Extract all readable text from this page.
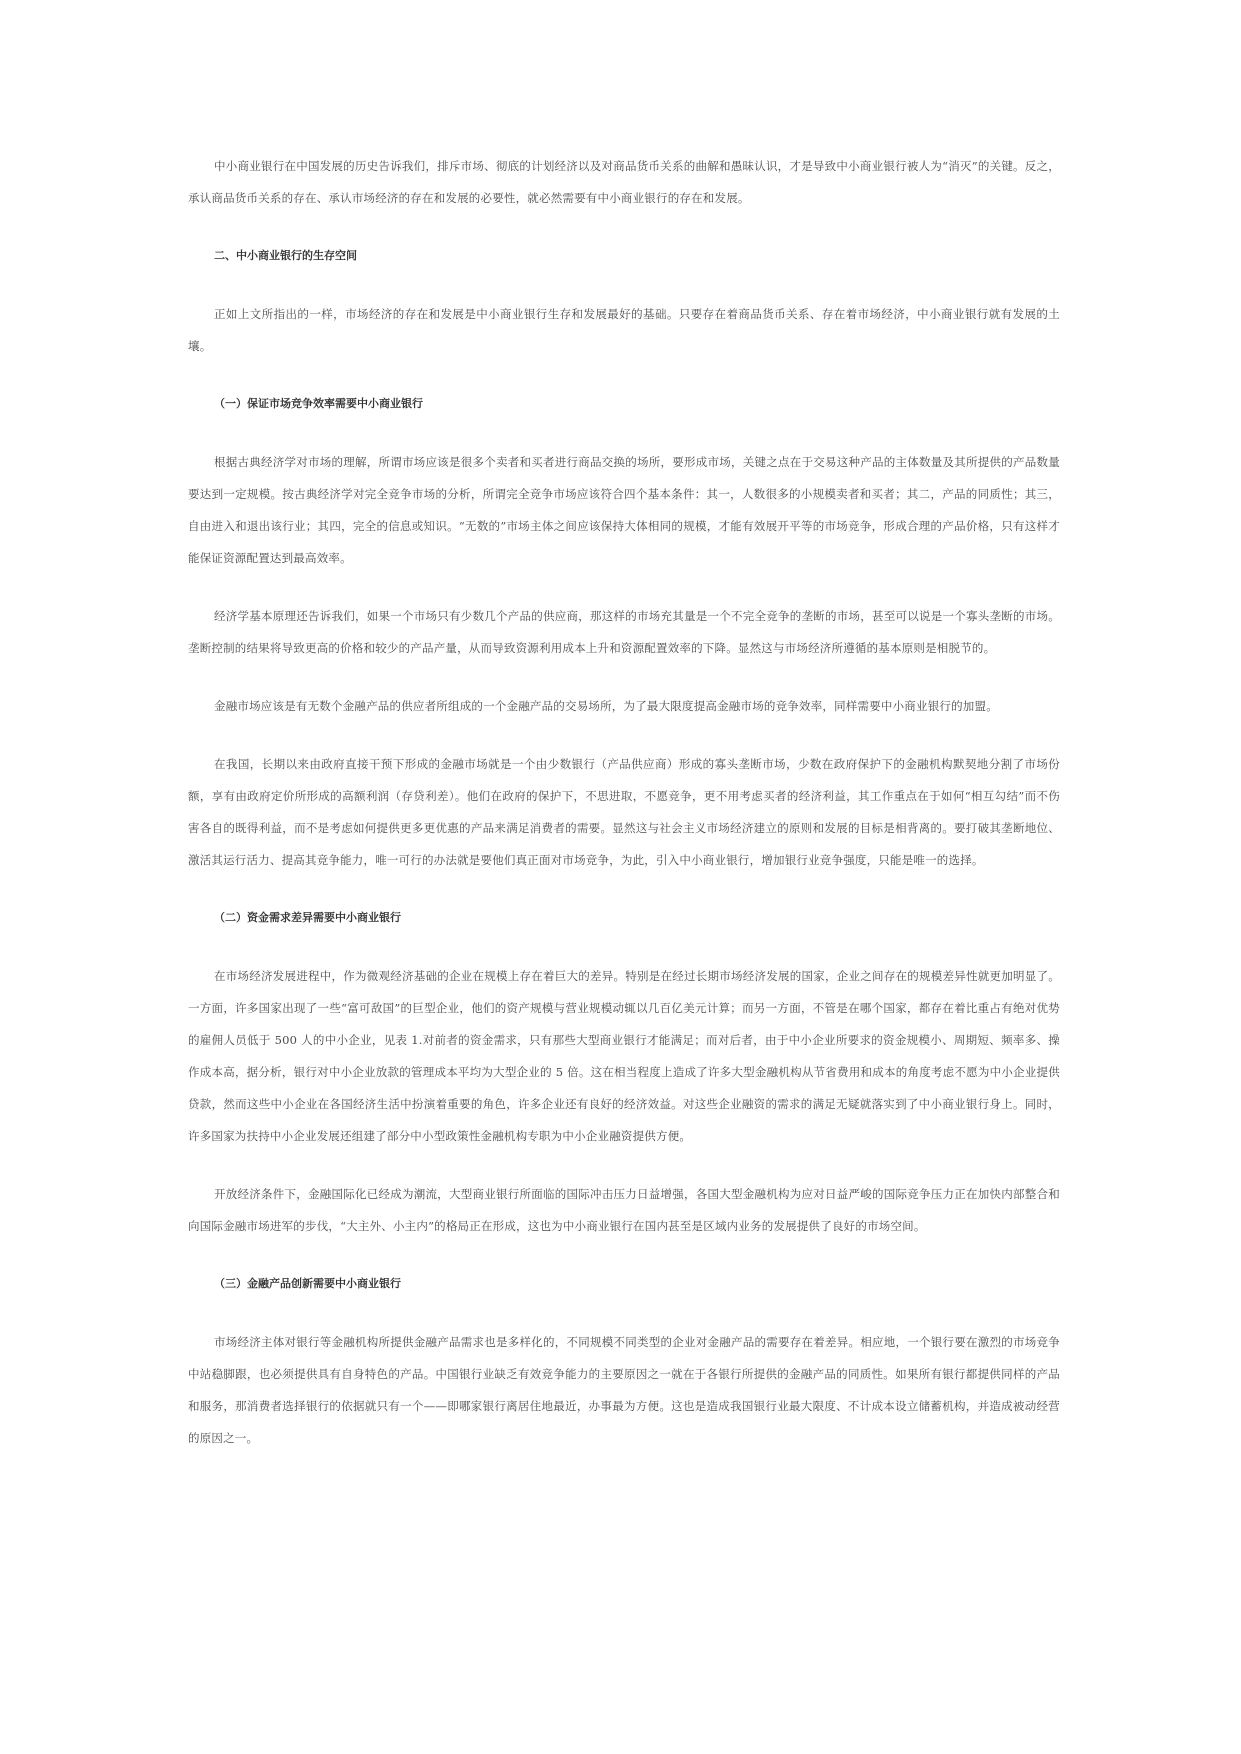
中小商业银行在中国发展的历史告诉我们，排斥市场、彻底的计划经济以及对商品货币关系的曲解和愚昧认识，才是导致中小商业银行被人为“消灭”的关键。反之，承认商品货币关系的存在、承认市场经济的存在和发展的必要性，就必然需要有中小商业银行的存在和发展。

二、中小商业银行的生存空间

正如上文所指出的一样，市场经济的存在和发展是中小商业银行生存和发展最好的基础。只要存在着商品货币关系、存在着市场经济，中小商业银行就有发展的土壤。

（一）保证市场竞争效率需要中小商业银行

根据古典经济学对市场的理解，所谓市场应该是很多个卖者和买者进行商品交换的场所，要形成市场，关键之点在于交易这种产品的主体数量及其所提供的产品数量要达到一定规模。按古典经济学对完全竞争市场的分析，所谓完全竞争市场应该符合四个基本条件：其一，人数很多的小规模卖者和买者；其二，产品的同质性；其三，自由进入和退出该行业；其四，完全的信息或知识。“无数的”市场主体之间应该保持大体相同的规模，才能有效展开平等的市场竞争，形成合理的产品价格，只有这样才能保证资源配置达到最高效率。

经济学基本原理还告诉我们，如果一个市场只有少数几个产品的供应商，那这样的市场充其量是一个不完全竞争的垄断的市场，甚至可以说是一个寡头垄断的市场。垄断控制的结果将导致更高的价格和较少的产品产量，从而导致资源利用成本上升和资源配置效率的下降。显然这与市场经济所遵循的基本原则是相脱节的。

金融市场应该是有无数个金融产品的供应者所组成的一个金融产品的交易场所，为了最大限度提高金融市场的竞争效率，同样需要中小商业银行的加盟。

在我国，长期以来由政府直接干预下形成的金融市场就是一个由少数银行（产品供应商）形成的寡头垄断市场，少数在政府保护下的金融机构默契地分割了市场份额，享有由政府定价所形成的高额利润（存贷利差）。他们在政府的保护下，不思进取，不愿竞争，更不用考虑买者的经济利益，其工作重点在于如何“相互勾结”而不伤害各自的既得利益，而不是考虑如何提供更多更优惠的产品来满足消费者的需要。显然这与社会主义市场经济建立的原则和发展的目标是相背离的。要打破其垄断地位、激活其运行活力、提高其竞争能力，唯一可行的办法就是要他们真正面对市场竞争，为此，引入中小商业银行，增加银行业竞争强度，只能是唯一的选择。

（二）资金需求差异需要中小商业银行

在市场经济发展进程中，作为微观经济基础的企业在规模上存在着巨大的差异。特别是在经过长期市场经济发展的国家，企业之间存在的规模差异性就更加明显了。一方面，许多国家出现了一些“富可敌国”的巨型企业，他们的资产规模与营业规模动辄以几百亿美元计算；而另一方面，不管是在哪个国家，都存在着比重占有绝对优势的雇佣人员低于 500 人的中小企业，见表 1.对前者的资金需求，只有那些大型商业银行才能满足；而对后者，由于中小企业所要求的资金规模小、周期短、频率多、操作成本高，据分析，银行对中小企业放款的管理成本平均为大型企业的 5 倍。这在相当程度上造成了许多大型金融机构从节省费用和成本的角度考虑不愿为中小企业提供贷款，然而这些中小企业在各国经济生活中扮演着重要的角色，许多企业还有良好的经济效益。对这些企业融资的需求的满足无疑就落实到了中小商业银行身上。同时，许多国家为扶持中小企业发展还组建了部分中小型政策性金融机构专职为中小企业融资提供方便。

开放经济条件下，金融国际化已经成为潮流，大型商业银行所面临的国际冲击压力日益增强，各国大型金融机构为应对日益严峻的国际竞争压力正在加快内部整合和向国际金融市场进军的步伐，“大主外、小主内”的格局正在形成，这也为中小商业银行在国内甚至是区域内业务的发展提供了良好的市场空间。

（三）金融产品创新需要中小商业银行

市场经济主体对银行等金融机构所提供金融产品需求也是多样化的，不同规模不同类型的企业对金融产品的需要存在着差异。相应地，一个银行要在激烈的市场竞争中站稳脚跟，也必须提供具有自身特色的产品。中国银行业缺乏有效竞争能力的主要原因之一就在于各银行所提供的金融产品的同质性。如果所有银行都提供同样的产品和服务，那消费者选择银行的依据就只有一个——即哪家银行离居住地最近，办事最为方便。这也是造成我国银行业最大限度、不计成本设立储蓄机构，并造成被动经营的原因之一。
